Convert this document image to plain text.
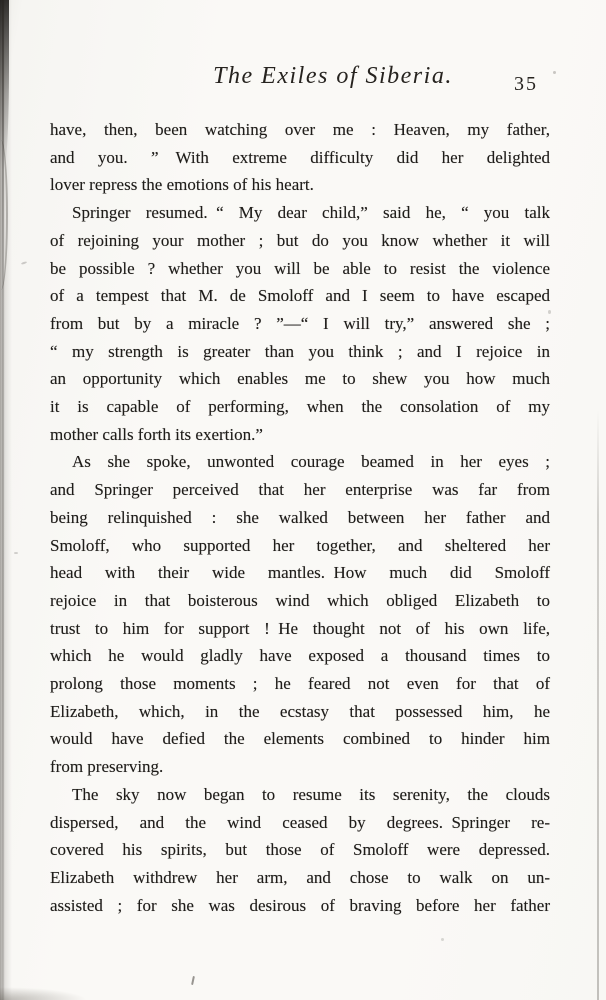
The Exiles of Siberia.	35
have, then, been watching over me : Heaven, my father,
and you. ” With extreme difficulty did her delighted
lover repress the emotions of his heart.
Springer resumed. “ My dear child,” said he, “ you talk
of rejoining your mother ; but do you know whether it will
be possible ? whether you will be able to resist the violence
of a tempest that M. de Smoloff and I seem to have escaped
from but by a miracle ? ”—“ I will try,” answered she ;
“ my strength is greater than you think ; and I rejoice in
an opportunity which enables me to shew you how much
it is capable of performing, when the consolation of my
mother calls forth its exertion.”
As she spoke, unwonted courage beamed in her eyes ;
and Springer perceived that her enterprise was far from
being relinquished : she walked between her father and
Smoloff, who supported her together, and sheltered her
head with their wide mantles. How much did Smoloff
rejoice in that boisterous wind which obliged Elizabeth to
trust to him for support ! He thought not of his own life,
which he would gladly have exposed a thousand times to
prolong those moments ; he feared not even for that of
Elizabeth, which, in the ecstasy that possessed him, he
would have defied the elements combined to hinder him
from preserving.
The sky now began to resume its serenity, the clouds
dispersed, and the wind ceased by degrees. Springer re-
covered his spirits, but those of Smoloff were depressed.
Elizabeth withdrew her arm, and chose to walk on un-
assisted ; for she was desirous of braving before her father
